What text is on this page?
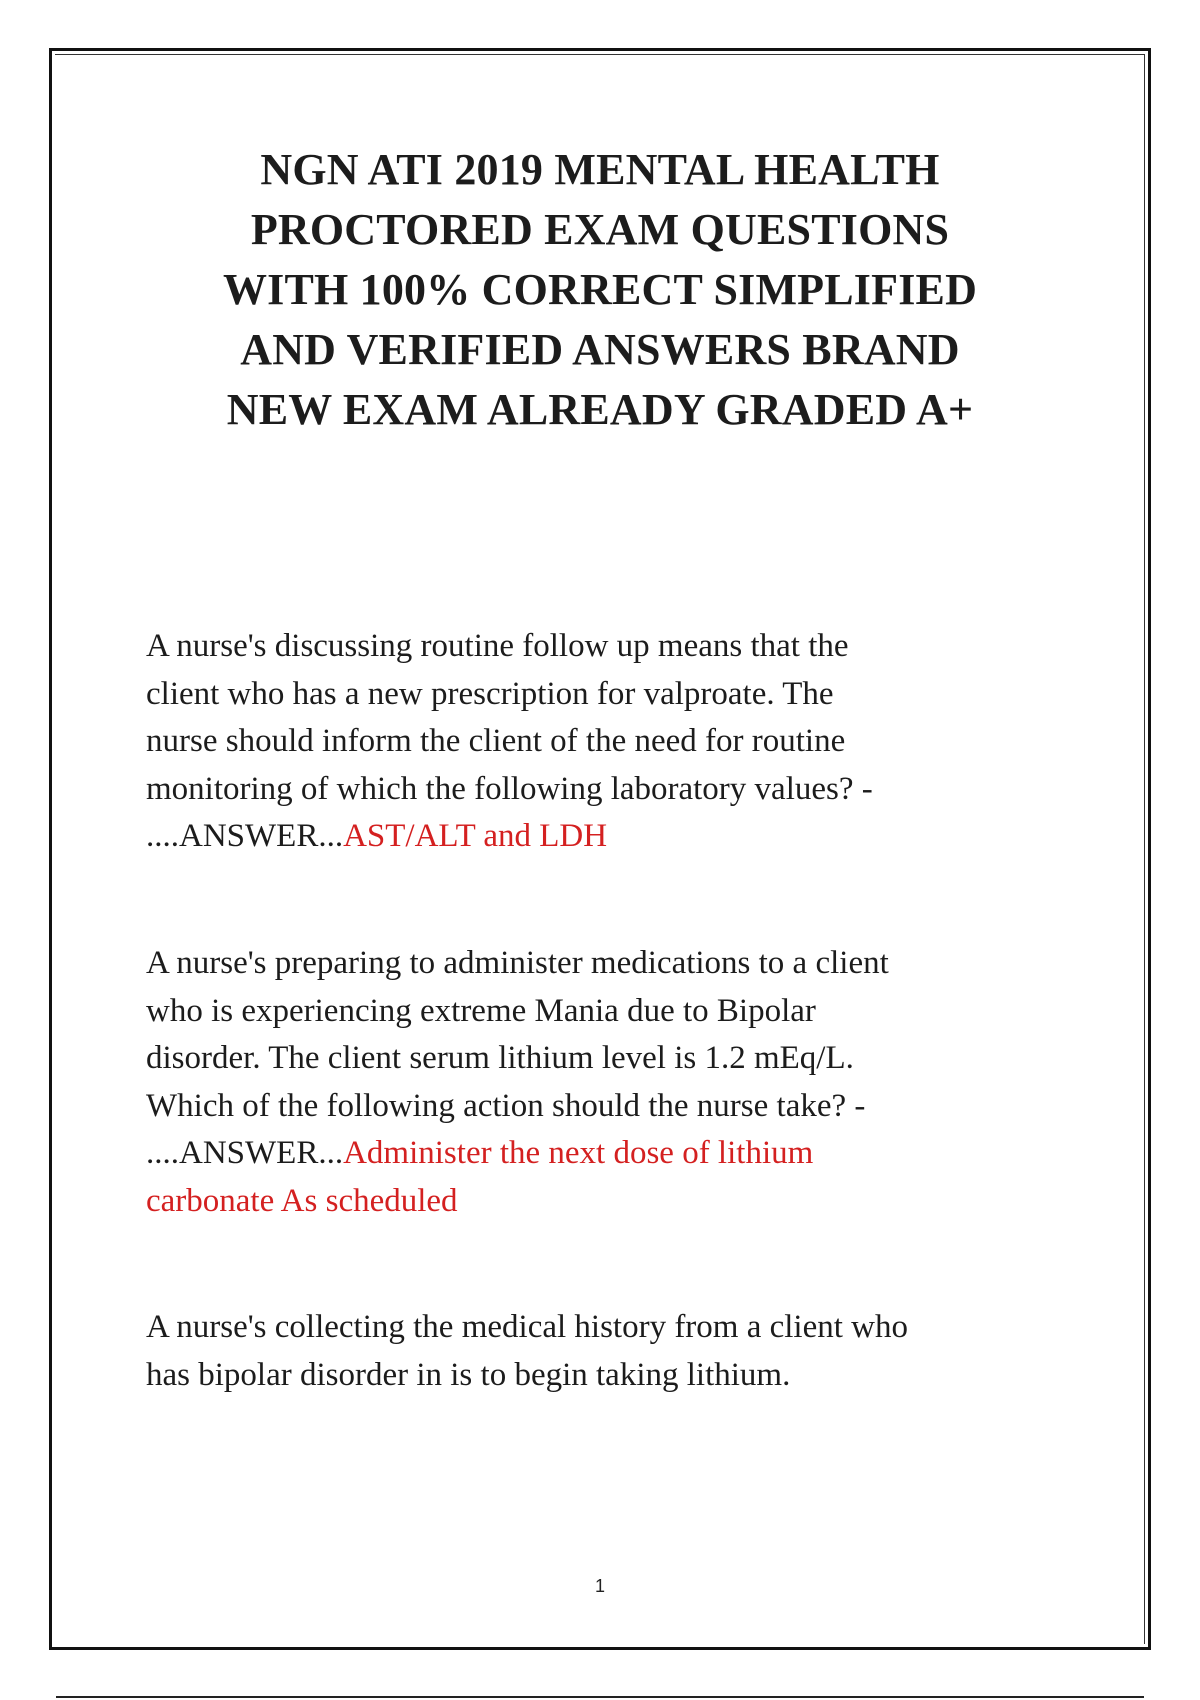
NGN ATI 2019 MENTAL HEALTH
PROCTORED EXAM QUESTIONS
WITH 100% CORRECT SIMPLIFIED
AND VERIFIED ANSWERS BRAND
NEW EXAM ALREADY GRADED A+

A nurse's discussing routine follow up means that the
client who has a new prescription for valproate. The
nurse should inform the client of the need for routine
monitoring of which the following laboratory values? -
....ANSWER...AST/ALT and LDH

A nurse's preparing to administer medications to a client
who is experiencing extreme Mania due to Bipolar
disorder. The client serum lithium level is 1.2 mEq/L.
Which of the following action should the nurse take? -
....ANSWER...Administer the next dose of lithium
carbonate As scheduled

A nurse's collecting the medical history from a client who
has bipolar disorder in is to begin taking lithium.

1
